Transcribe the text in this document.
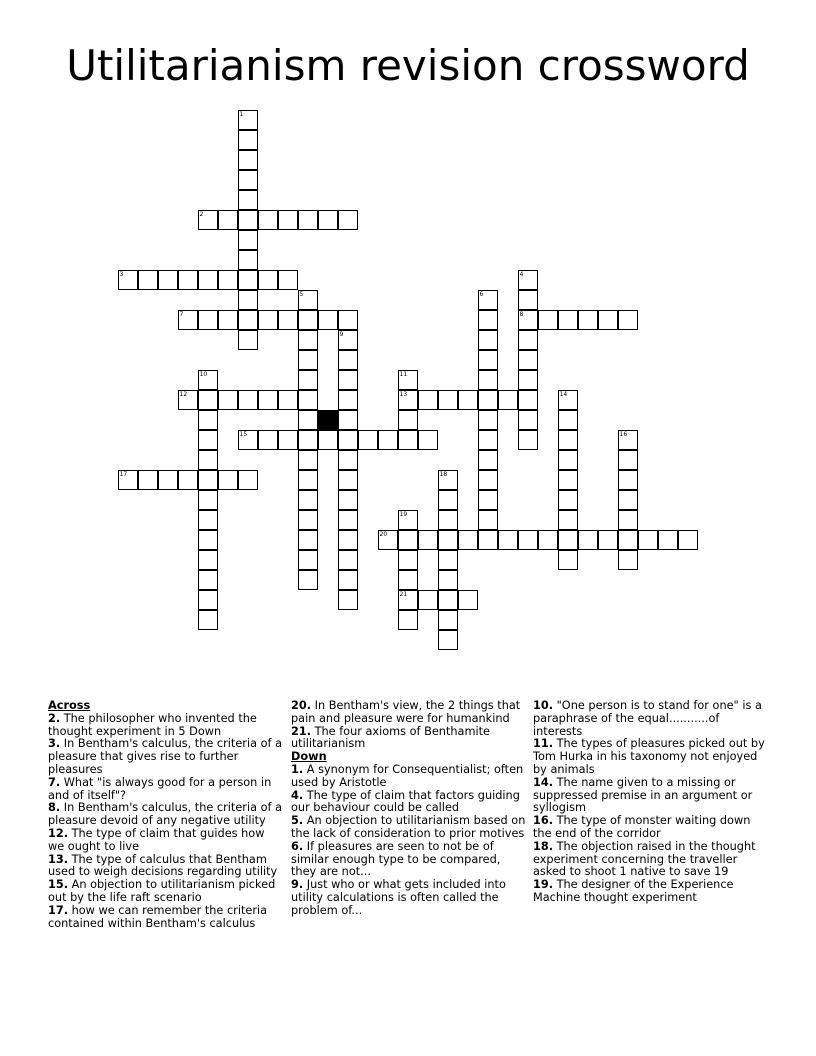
Utilitarianism revision crossword
1
2
3	4
8
5	6
7
9
10	11
13
12	14
15	16
17	18
19
21
20
Across

2. The philosopher who invented the thought experiment in 5 Down

3. In Bentham's calculus, the criteria of a pleasure that gives rise to further pleasures

7. What "is always good for a person in and of itself"?

8. In Bentham's calculus, the criteria of a pleasure devoid of any negative utility

12. The type of claim that guides how we ought to live

13. The type of calculus that Bentham used to weigh decisions regarding utility

15. An objection to utilitarianism picked out by the life raft scenario

17. how we can remember the criteria contained within Bentham's calculus

20. In Bentham's view, the 2 things that pain and pleasure were for humankind

21. The four axioms of Benthamite utilitarianism

Down

1. A synonym for Consequentialist; often used by Aristotle

4. The type of claim that factors guiding our behaviour could be called

5. An objection to utilitarianism based on the lack of consideration to prior motives

6. If pleasures are seen to not be of similar enough type to be compared, they are not...

9. Just who or what gets included into utility calculations is often called the problem of...

10. "One person is to stand for one" is a paraphrase of the equal...........of interests

11. The types of pleasures picked out by Tom Hurka in his taxonomy not enjoyed by animals

14. The name given to a missing or suppressed premise in an argument or syllogism

16. The type of monster waiting down the end of the corridor

18. The objection raised in the thought experiment concerning the traveller asked to shoot 1 native to save 19

19. The designer of the Experience Machine thought experiment
